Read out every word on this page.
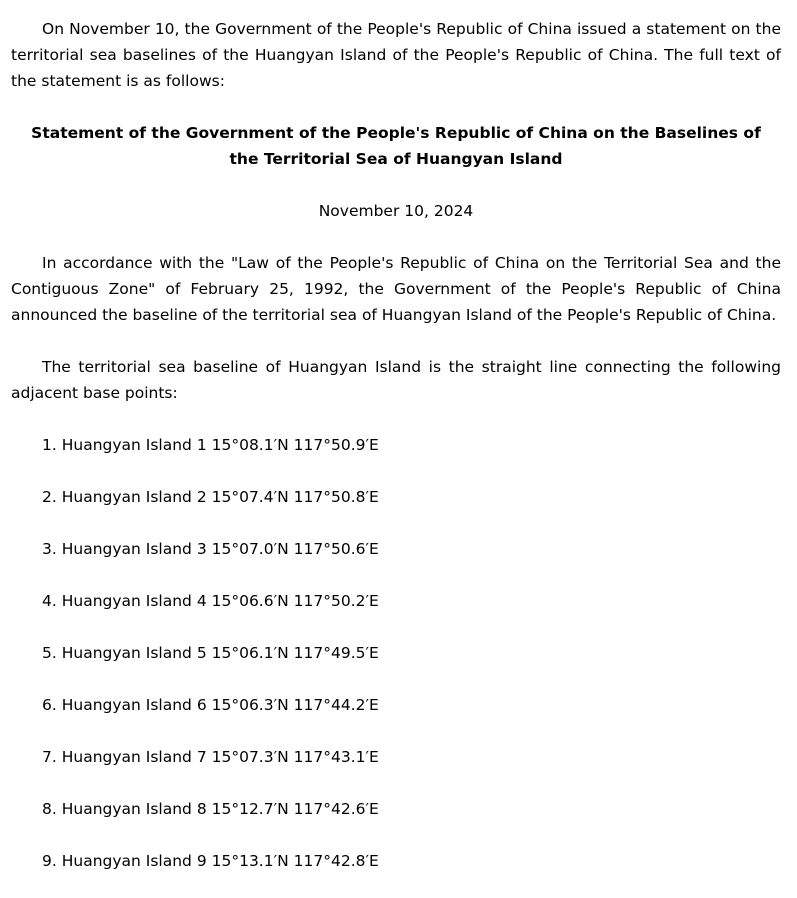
On November 10, the Government of the People's Republic of China issued a statement on the territorial sea baselines of the Huangyan Island of the People's Republic of China. The full text of the statement is as follows:

Statement of the Government of the People's Republic of China on the Baselines of the Territorial Sea of Huangyan Island

November 10, 2024

In accordance with the "Law of the People's Republic of China on the Territorial Sea and the Contiguous Zone" of February 25, 1992, the Government of the People's Republic of China announced the baseline of the territorial sea of Huangyan Island of the People's Republic of China.

The territorial sea baseline of Huangyan Island is the straight line connecting the following adjacent base points:

1. Huangyan Island 1 15°08.1′N 117°50.9′E

2. Huangyan Island 2 15°07.4′N 117°50.8′E

3. Huangyan Island 3 15°07.0′N 117°50.6′E

4. Huangyan Island 4 15°06.6′N 117°50.2′E

5. Huangyan Island 5 15°06.1′N 117°49.5′E

6. Huangyan Island 6 15°06.3′N 117°44.2′E

7. Huangyan Island 7 15°07.3′N 117°43.1′E

8. Huangyan Island 8 15°12.7′N 117°42.6′E

9. Huangyan Island 9 15°13.1′N 117°42.8′E
